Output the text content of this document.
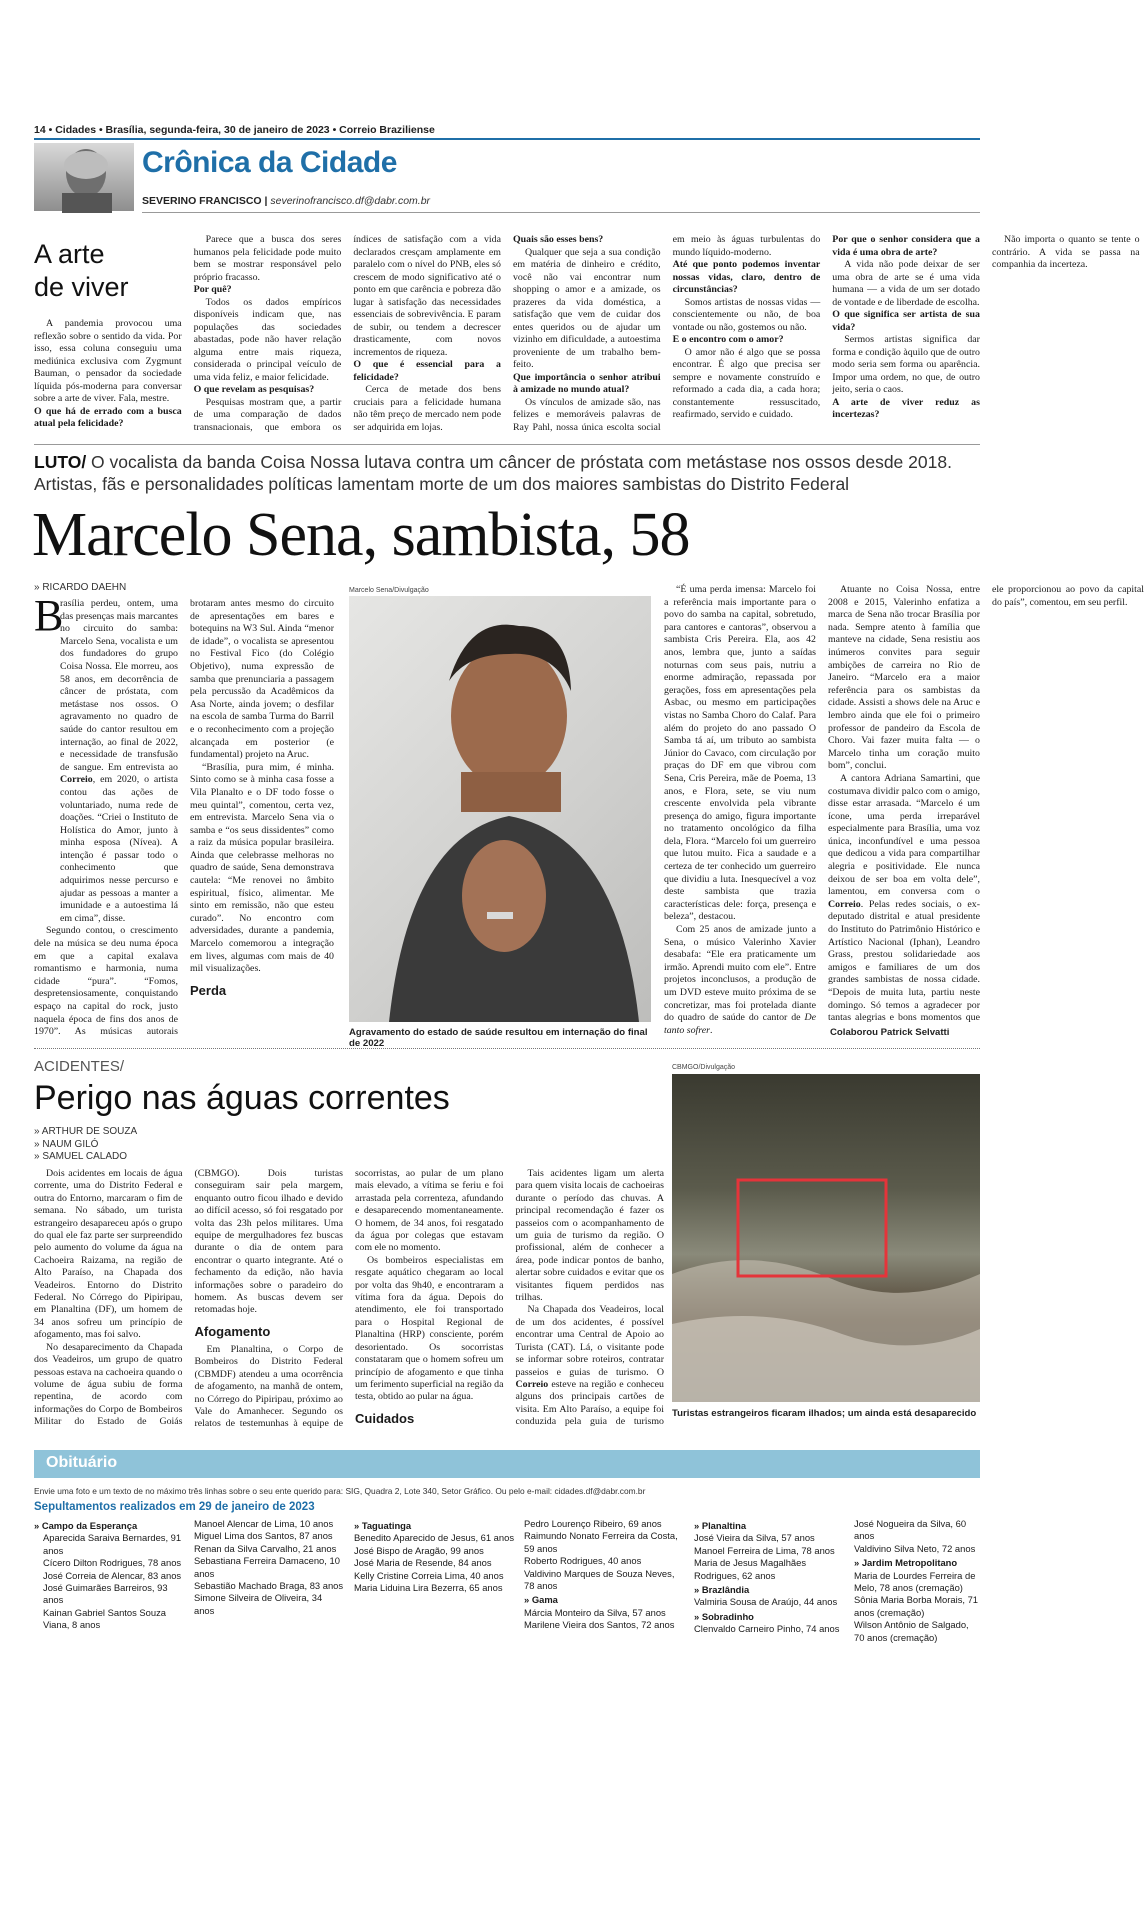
14 • Cidades • Brasília, segunda-feira, 30 de janeiro de 2023 • Correio Braziliense
Crônica da Cidade
SEVERINO FRANCISCO | severinofrancisco.df@dabr.com.br
A arte
de viver

A pandemia provocou uma reflexão sobre o sentido da vida. Por isso, essa coluna conseguiu uma mediúnica exclusiva com Zygmunt Bauman, o pensador da sociedade líquida pós-moderna para conversar sobre a arte de viver. Fala, mestre.

O que há de errado com a busca atual pela felicidade?

Parece que a busca dos seres humanos pela felicidade pode muito bem se mostrar responsável pelo próprio fracasso.

Por quê?

Todos os dados empíricos disponíveis indicam que, nas populações das sociedades abastadas, pode não haver relação alguma entre mais riqueza, considerada o principal veículo de uma vida feliz, e maior felicidade.

O que revelam as pesquisas?

Pesquisas mostram que, a partir de uma comparação de dados transnacionais, que embora os índices de satisfação com a vida declarados cresçam amplamente em paralelo com o nível do PNB, eles só crescem de modo significativo até o ponto em que carência e pobreza dão lugar à satisfação das necessidades essenciais de sobrevivência. E param de subir, ou tendem a decrescer drasticamente, com novos incrementos de riqueza.

O que é essencial para a felicidade?

Cerca de metade dos bens cruciais para a felicidade humana não têm preço de mercado nem pode ser adquirida em lojas.

Quais são esses bens?

Qualquer que seja a sua condição em matéria de dinheiro e crédito, você não vai encontrar num shopping o amor e a amizade, os prazeres da vida doméstica, a satisfação que vem de cuidar dos entes queridos ou de ajudar um vizinho em dificuldade, a autoestima proveniente de um trabalho bem-feito.

Que importância o senhor atribui à amizade no mundo atual?

Os vínculos de amizade são, nas felizes e memoráveis palavras de Ray Pahl, nossa única escolta social em meio às águas turbulentas do mundo líquido-moderno.

Até que ponto podemos inventar nossas vidas, claro, dentro de circunstâncias?

Somos artistas de nossas vidas — conscientemente ou não, de boa vontade ou não, gostemos ou não.

E o encontro com o amor?

O amor não é algo que se possa encontrar. É algo que precisa ser sempre e novamente construído e reformado a cada dia, a cada hora; constantemente ressuscitado, reafirmado, servido e cuidado.

Por que o senhor considera que a vida é uma obra de arte?

A vida não pode deixar de ser uma obra de arte se é uma vida humana — a vida de um ser dotado de vontade e de liberdade de escolha.

O que significa ser artista de sua vida?

Sermos artistas significa dar forma e condição àquilo que de outro modo seria sem forma ou aparência. Impor uma ordem, no que, de outro jeito, seria o caos.

A arte de viver reduz as incertezas?

Não importa o quanto se tente o contrário. A vida se passa na companhia da incerteza.

LUTO/ O vocalista da banda Coisa Nossa lutava contra um câncer de próstata com metástase nos ossos desde 2018.
Artistas, fãs e personalidades políticas lamentam morte de um dos maiores sambistas do Distrito Federal
Marcelo Sena, sambista, 58
» RICARDO DAEHN
B

rasília perdeu, ontem, uma das presenças mais marcantes no circuito do samba: Marcelo Sena, vocalista e um dos fundadores do grupo Coisa Nossa. Ele morreu, aos 58 anos, em decorrência de câncer de próstata, com metástase nos ossos. O agravamento no quadro de saúde do cantor resultou em internação, ao final de 2022, e necessidade de transfusão de sangue. Em entrevista ao Correio, em 2020, o artista contou das ações de voluntariado, numa rede de doações. “Criei o Instituto de Holística do Amor, junto à minha esposa (Nívea). A intenção é passar todo o conhecimento que adquirimos nesse percurso e ajudar as pessoas a manter a imunidade e a autoestima lá em cima”, disse.

Segundo contou, o crescimento dele na música se deu numa época em que a capital exalava romantismo e harmonia, numa cidade “pura”. “Fomos, despretensiosamente, conquistando espaço na capital do rock, justo naquela época de fins dos anos de 1970”. As músicas autorais brotaram antes mesmo do circuito de apresentações em bares e botequins na W3 Sul. Ainda “menor de idade”, o vocalista se apresentou no Festival Fico (do Colégio Objetivo), numa expressão de samba que prenunciaria a passagem pela percussão da Acadêmicos da Asa Norte, ainda jovem; o desfilar na escola de samba Turma do Barril e o reconhecimento com a projeção alcançada em posterior (e fundamental) projeto na Aruc.

“Brasília, pura mim, é minha. Sinto como se à minha casa fosse a Vila Planalto e o DF todo fosse o meu quintal”, comentou, certa vez, em entrevista. Marcelo Sena via o samba e “os seus dissidentes” como a raiz da música popular brasileira. Ainda que celebrasse melhoras no quadro de saúde, Sena demonstrava cautela: “Me renovei no âmbito espiritual, físico, alimentar. Me sinto em remissão, não que esteu curado”. No encontro com adversidades, durante a pandemia, Marcelo comemorou a integração em lives, algumas com mais de 40 mil visualizações.

Perda

Marcelo Sena/Divulgação
Agravamento do estado de saúde resultou em internação do final de 2022

“É uma perda imensa: Marcelo foi a referência mais importante para o povo do samba na capital, sobretudo, para cantores e cantoras”, observou a sambista Cris Pereira. Ela, aos 42 anos, lembra que, junto a saídas noturnas com seus pais, nutriu a enorme admiração, repassada por gerações, foss em apresentações pela Asbac, ou mesmo em participações vistas no Samba Choro do Calaf. Para além do projeto do ano passado O Samba tá aí, um tributo ao sambista Júnior do Cavaco, com circulação por praças do DF em que vibrou com Sena, Cris Pereira, mãe de Poema, 13 anos, e Flora, sete, se viu num crescente envolvida pela vibrante presença do amigo, figura importante no tratamento oncológico da filha dela, Flora. “Marcelo foi um guerreiro que lutou muito. Fica a saudade e a certeza de ter conhecido um guerreiro que dividiu a luta. Inesquecível a voz deste sambista que trazia características dele: força, presença e beleza”, destacou.

Com 25 anos de amizade junto a Sena, o músico Valerinho Xavier desabafa: “Ele era praticamente um irmão. Aprendi muito com ele”. Entre projetos inconclusos, a produção de um DVD esteve muito próxima de se concretizar, mas foi protelada diante do quadro de saúde do cantor de De tanto sofrer.

Atuante no Coisa Nossa, entre 2008 e 2015, Valerinho enfatiza a marca de Sena não trocar Brasília por nada. Sempre atento à família que manteve na cidade, Sena resistiu aos inúmeros convites para seguir ambições de carreira no Rio de Janeiro. “Marcelo era a maior referência para os sambistas da cidade. Assisti a shows dele na Aruc e lembro ainda que ele foi o primeiro professor de pandeiro da Escola de Choro. Vai fazer muita falta — o Marcelo tinha um coração muito bom”, conclui.

A cantora Adriana Samartini, que costumava dividir palco com o amigo, disse estar arrasada. “Marcelo é um ícone, uma perda irreparável especialmente para Brasília, uma voz única, inconfundível e uma pessoa que dedicou a vida para compartilhar alegria e positividade. Ele nunca deixou de ser boa em volta dele”, lamentou, em conversa com o Correio. Pelas redes sociais, o ex-deputado distrital e atual presidente do Instituto do Patrimônio Histórico e Artístico Nacional (Iphan), Leandro Grass, prestou solidariedade aos amigos e familiares de um dos grandes sambistas de nossa cidade. “Depois de muita luta, partiu neste domingo. Só temos a agradecer por tantas alegrias e bons momentos que ele proporcionou ao povo da capital do país”, comentou, em seu perfil.

Colaborou Patrick Selvatti
ACIDENTES/
Perigo nas águas correntes
» ARTHUR DE SOUZA
» NAUM GILÓ
» SAMUEL CALADO

Dois acidentes em locais de água corrente, uma do Distrito Federal e outra do Entorno, marcaram o fim de semana. No sábado, um turista estrangeiro desapareceu após o grupo do qual ele faz parte ser surpreendido pelo aumento do volume da água na Cachoeira Raizama, na região de Alto Paraíso, na Chapada dos Veadeiros. Entorno do Distrito Federal. No Córrego do Pipiripau, em Planaltina (DF), um homem de 34 anos sofreu um princípio de afogamento, mas foi salvo.

No desaparecimento da Chapada dos Veadeiros, um grupo de quatro pessoas estava na cachoeira quando o volume de água subiu de forma repentina, de acordo com informações do Corpo de Bombeiros Militar do Estado de Goiás (CBMGO). Dois turistas conseguiram sair pela margem, enquanto outro ficou ilhado e devido ao difícil acesso, só foi resgatado por volta das 23h pelos militares. Uma equipe de mergulhadores fez buscas durante o dia de ontem para encontrar o quarto integrante. Até o fechamento da edição, não havia informações sobre o paradeiro do homem. As buscas devem ser retomadas hoje.

Afogamento

Em Planaltina, o Corpo de Bombeiros do Distrito Federal (CBMDF) atendeu a uma ocorrência de afogamento, na manhã de ontem, no Córrego do Pipiripau, próximo ao Vale do Amanhecer. Segundo os relatos de testemunhas à equipe de socorristas, ao pular de um plano mais elevado, a vítima se feriu e foi arrastada pela correnteza, afundando e desaparecendo momentaneamente. O homem, de 34 anos, foi resgatado da água por colegas que estavam com ele no momento.

Os bombeiros especialistas em resgate aquático chegaram ao local por volta das 9h40, e encontraram a vítima fora da água. Depois do atendimento, ele foi transportado para o Hospital Regional de Planaltina (HRP) consciente, porém desorientado. Os socorristas constataram que o homem sofreu um princípio de afogamento e que tinha um ferimento superficial na região da testa, obtido ao pular na água.

Cuidados

Tais acidentes ligam um alerta para quem visita locais de cachoeiras durante o período das chuvas. A principal recomendação é fazer os passeios com o acompanhamento de um guia de turismo da região. O profissional, além de conhecer a área, pode indicar pontos de banho, alertar sobre cuidados e evitar que os visitantes fiquem perdidos nas trilhas.

Na Chapada dos Veadeiros, local de um dos acidentes, é possível encontrar uma Central de Apoio ao Turista (CAT). Lá, o visitante pode se informar sobre roteiros, contratar passeios e guias de turismo. O Correio esteve na região e conheceu alguns dos principais cartões de visita. Em Alto Paraíso, a equipe foi conduzida pela guia de turismo

CBMGO/Divulgação
Turistas estrangeiros ficaram ilhados; um ainda está desaparecido
Obituário
Envie uma foto e um texto de no máximo três linhas sobre o seu ente querido para: SIG, Quadra 2, Lote 340, Setor Gráfico. Ou pelo e-mail: cidades.df@dabr.com.br
Sepultamentos realizados em 29 de janeiro de 2023
» Campo da Esperança
Aparecida Saraiva Bernardes, 91 anos
Cícero Dilton Rodrigues, 78 anos
José Correia de Alencar, 83 anos
José Guimarães Barreiros, 93 anos
Kainan Gabriel Santos Souza Viana, 8 anos
Manoel Alencar de Lima, 10 anos
Miguel Lima dos Santos, 87 anos
Renan da Silva Carvalho, 21 anos
Sebastiana Ferreira Damaceno, 10 anos
Sebastião Machado Braga, 83 anos
Simone Silveira de Oliveira, 34 anos
» Taguatinga
Benedito Aparecido de Jesus, 61 anos
José Bispo de Aragão, 99 anos
José Maria de Resende, 84 anos
Kelly Cristine Correia Lima, 40 anos
Maria Liduina Lira Bezerra, 65 anos
Pedro Lourenço Ribeiro, 69 anos
Raimundo Nonato Ferreira da Costa, 59 anos
Roberto Rodrigues, 40 anos
Valdivino Marques de Souza Neves, 78 anos
» Gama
Márcia Monteiro da Silva, 57 anos
Marilene Vieira dos Santos, 72 anos
» Planaltina
José Vieira da Silva, 57 anos
Manoel Ferreira de Lima, 78 anos
Maria de Jesus Magalhães Rodrigues, 62 anos
» Brazlândia
Valmiria Sousa de Araújo, 44 anos
» Sobradinho
Clenvaldo Carneiro Pinho, 74 anos
José Nogueira da Silva, 60 anos
Valdivino Silva Neto, 72 anos
» Jardim Metropolitano
Maria de Lourdes Ferreira de Melo, 78 anos (cremação)
Sônia Maria Borba Morais, 71 anos (cremação)
Wilson Antônio de Salgado, 70 anos (cremação)
